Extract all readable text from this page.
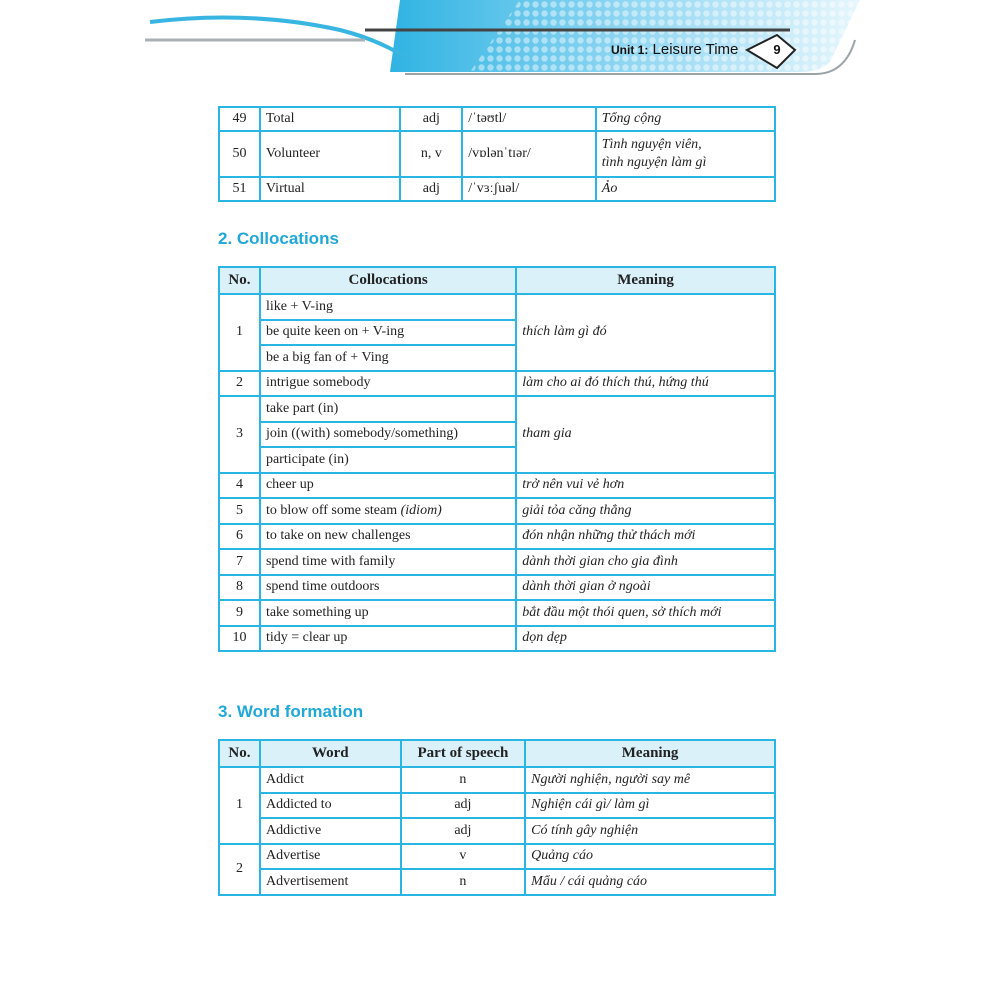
Unit 1: Leisure Time	9
49	Total	adj	/ˈtəʊtl/	Tổng cộng
50	Volunteer	n, v	/vɒlənˈtɪər/	Tình nguyện viên,
tình nguyện làm gì
51	Virtual	adj	/ˈvɜːʃuəl/	Ảo
2. Collocations
No.	Collocations	Meaning
1	like + V-ing	thích làm gì đó
	be quite keen on + V-ing	
	be a big fan of + Ving	
2	intrigue somebody	làm cho ai đó thích thú, hứng thú
3	take part (in)	tham gia
	join ((with) somebody/something)	
	participate (in)	
4	cheer up	trở nên vui vẻ hơn
5	to blow off some steam (idiom)	giải tỏa căng thẳng
6	to take on new challenges	đón nhận những thử thách mới
7	spend time with family	dành thời gian cho gia đình
8	spend time outdoors	dành thời gian ở ngoài
9	take something up	bắt đầu một thói quen, sở thích mới
10	tidy = clear up	dọn dẹp
3. Word formation
No.	Word	Part of speech	Meaning
1	Addict	n	Người nghiện, người say mê
	Addicted to	adj	Nghiện cái gì/ làm gì
	Addictive	adj	Có tính gây nghiện
2	Advertise	v	Quảng cáo
	Advertisement	n	Mẩu / cái quảng cáo
